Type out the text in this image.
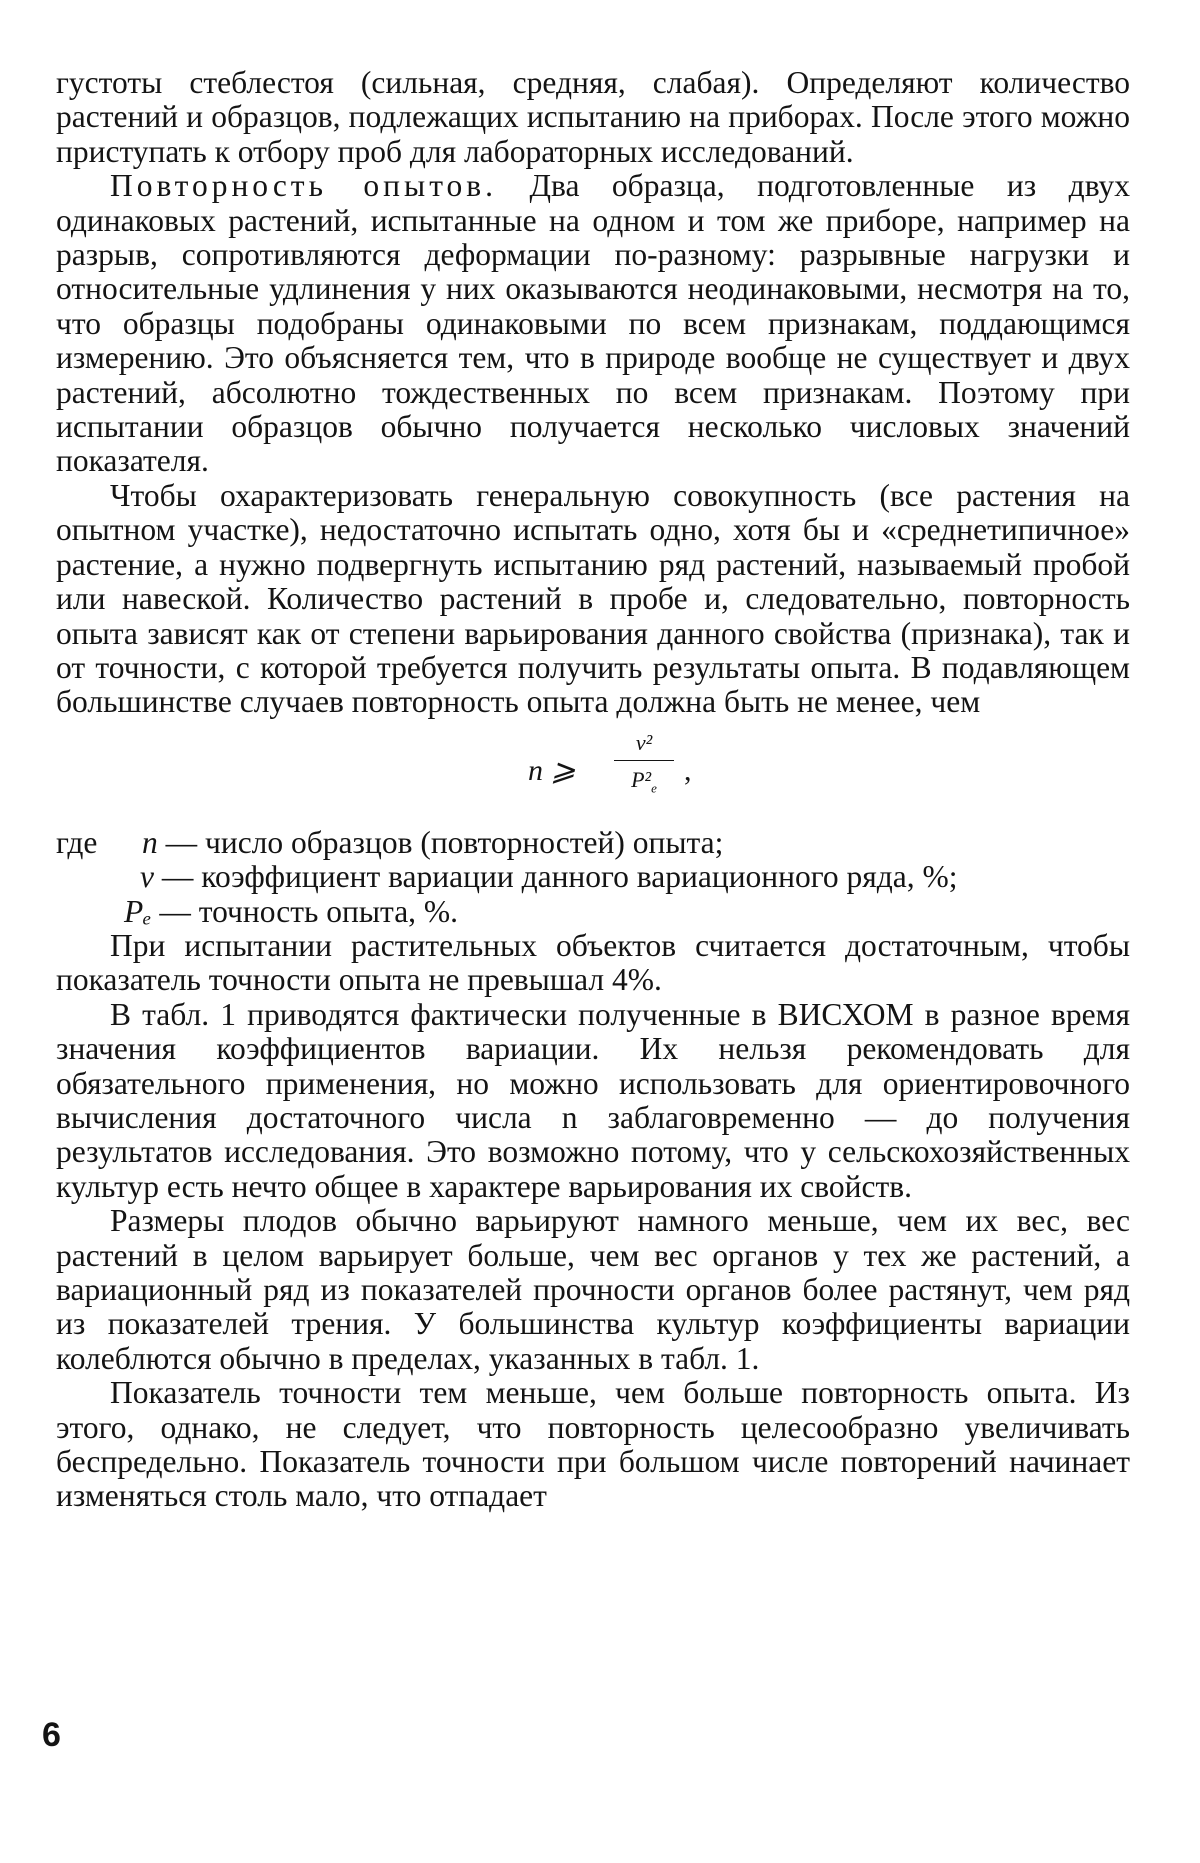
густоты стеблестоя (сильная, средняя, слабая). Определяют количество растений и образцов, подлежащих испытанию на приборах. После этого можно приступать к отбору проб для лабораторных исследований.

Повторность опытов. Два образца, подготовленные из двух одинаковых растений, испытанные на одном и том же приборе, например на разрыв, сопротивляются деформации по-разному: разрывные нагрузки и относительные удлинения у них оказываются неодинаковыми, несмотря на то, что образцы подобраны одинаковыми по всем признакам, поддающимся измерению. Это объясняется тем, что в природе вообще не существует и двух растений, абсолютно тождественных по всем признакам. Поэтому при испытании образцов обычно получается несколько числовых значений показателя.

Чтобы охарактеризовать генеральную совокупность (все растения на опытном участке), недостаточно испытать одно, хотя бы и «среднетипичное» растение, а нужно подвергнуть испытанию ряд растений, называемый пробой или навеской. Количество растений в пробе и, следовательно, повторность опыта зависят как от степени варьирования данного свойства (признака), так и от точности, с которой требуется получить результаты опыта. В подавляющем большинстве случаев повторность опыта должна быть не менее, чем

n ⩾
v²
$P^2_e$
,
где n — число образцов (повторностей) опыта;
v — коэффициент вариации данного вариационного ряда, %;
Pₑ — точность опыта, %.

При испытании растительных объектов считается достаточным, чтобы показатель точности опыта не превышал 4%.

В табл. 1 приводятся фактически полученные в ВИСХОМ в разное время значения коэффициентов вариации. Их нельзя рекомендовать для обязательного применения, но можно использовать для ориентировочного вычисления достаточного числа n заблаговременно — до получения результатов исследования. Это возможно потому, что у сельскохозяйственных культур есть нечто общее в характере варьирования их свойств.

Размеры плодов обычно варьируют намного меньше, чем их вес, вес растений в целом варьирует больше, чем вес органов у тех же растений, а вариационный ряд из показателей прочности органов более растянут, чем ряд из показателей трения. У большинства культур коэффициенты вариации колеблются обычно в пределах, указанных в табл. 1.

Показатель точности тем меньше, чем больше повторность опыта. Из этого, однако, не следует, что повторность целесообразно увеличивать беспредельно. Показатель точности при большом числе повторений начинает изменяться столь мало, что отпадает

6
